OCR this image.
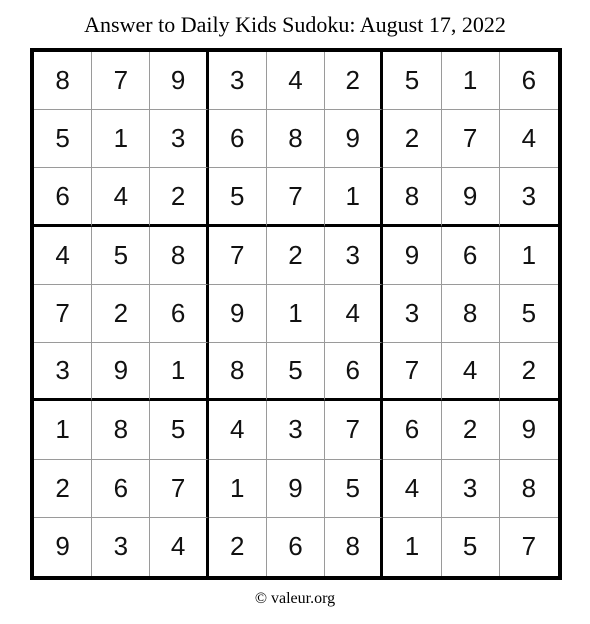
Answer to Daily Kids Sudoku: August 17, 2022
8	7	9	3	4	2	5	1	6
5	1	3	6	8	9	2	7	4
6	4	2	5	7	1	8	9	3
4	5	8	7	2	3	9	6	1
7	2	6	9	1	4	3	8	5
3	9	1	8	5	6	7	4	2
1	8	5	4	3	7	6	2	9
2	6	7	1	9	5	4	3	8
9	3	4	2	6	8	1	5	7
© valeur.org
